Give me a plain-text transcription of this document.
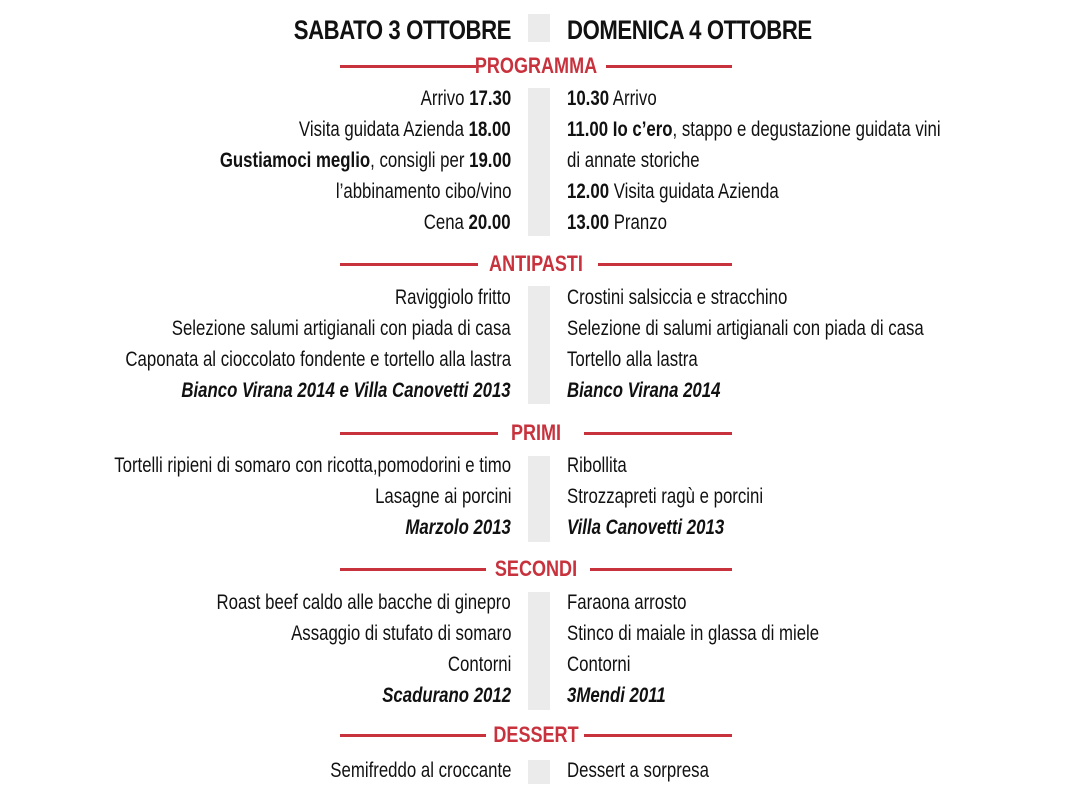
SABATO 3 OTTOBRE DOMENICA 4 OTTOBRE
PROGRAMMA
Arrivo 17.30
Visita guidata Azienda 18.00
Gustiamoci meglio, consigli per 19.00
l’abbinamento cibo/vino
Cena 20.00
10.30 Arrivo
11.00 Io c’ero, stappo e degustazione guidata vini
di annate storiche
12.00 Visita guidata Azienda
13.00 Pranzo
ANTIPASTI
Raviggiolo fritto
Selezione salumi artigianali con piada di casa
Caponata al cioccolato fondente e tortello alla lastra
Bianco Virana 2014 e Villa Canovetti 2013
Crostini salsiccia e stracchino
Selezione di salumi artigianali con piada di casa
Tortello alla lastra
Bianco Virana 2014
PRIMI
Tortelli ripieni di somaro con ricotta,pomodorini e timo
Lasagne ai porcini
Marzolo 2013
Ribollita
Strozzapreti ragù e porcini
Villa Canovetti 2013
SECONDI
Roast beef caldo alle bacche di ginepro
Assaggio di stufato di somaro
Contorni
Scadurano 2012
Faraona arrosto
Stinco di maiale in glassa di miele
Contorni
3Mendi 2011
DESSERT
Semifreddo al croccante	Dessert a sorpresa
